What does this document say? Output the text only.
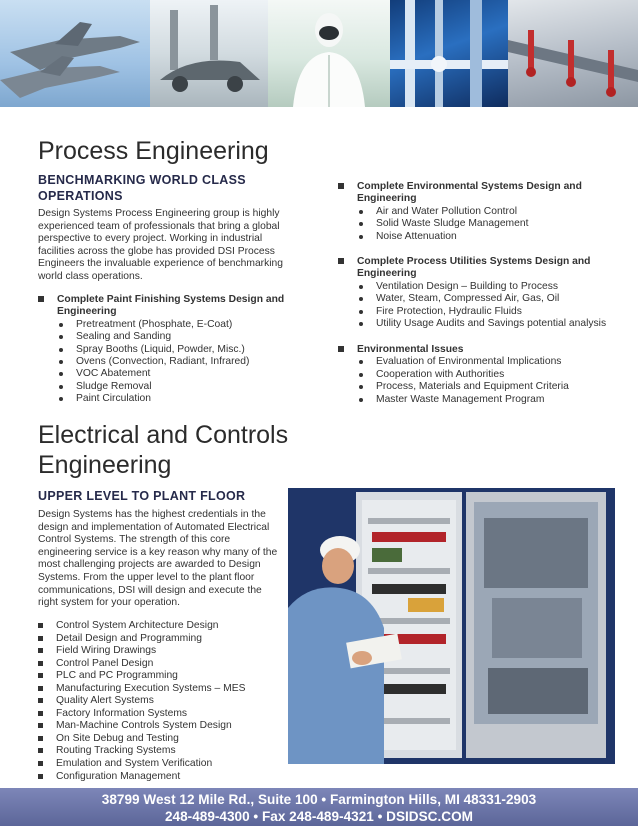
Process Engineering
BENCHMARKING WORLD CLASS OPERATIONS

Design Systems Process Engineering group is highly experienced team of professionals that bring a global perspective to every project. Working in industrial facilities across the globe has provided DSI Process Engineers the invaluable experience of benchmarking world class operations.

Complete Paint Finishing Systems Design and Engineering
Pretreatment (Phosphate, E-Coat)
Sealing and Sanding
Spray Booths (Liquid, Powder, Misc.)
Ovens (Convection, Radiant, Infrared)
VOC Abatement
Sludge Removal
Paint Circulation
Complete Environmental Systems Design and Engineering
Air and Water Pollution Control
Solid Waste Sludge Management
Noise Attenuation
Complete Process Utilities Systems Design and Engineering
Ventilation Design – Building to Process
Water, Steam, Compressed Air, Gas, Oil
Fire Protection, Hydraulic Fluids
Utility Usage Audits and Savings potential analysis
Environmental Issues
Evaluation of Environmental Implications
Cooperation with Authorities
Process, Materials and Equipment Criteria
Master Waste Management Program
Electrical and Controls
Engineering
UPPER LEVEL TO PLANT FLOOR

Design Systems has the highest credentials in the design and implementation of Automated Electrical Control Systems. The strength of this core engineering service is a key reason why many of the most challenging projects are awarded to Design Systems. From the upper level to the plant floor communications, DSI will design and execute the right system for your operation.

Control System Architecture Design
Detail Design and Programming
Field Wiring Drawings
Control Panel Design
PLC and PC Programming
Manufacturing Execution Systems – MES
Quality Alert Systems
Factory Information Systems
Man-Machine Controls System Design
On Site Debug and Testing
Routing Tracking Systems
Emulation and System Verification
Configuration Management
38799 West 12 Mile Rd., Suite 100 • Farmington Hills, MI 48331-2903
248-489-4300 • Fax 248-489-4321 • DSIDSC.COM
